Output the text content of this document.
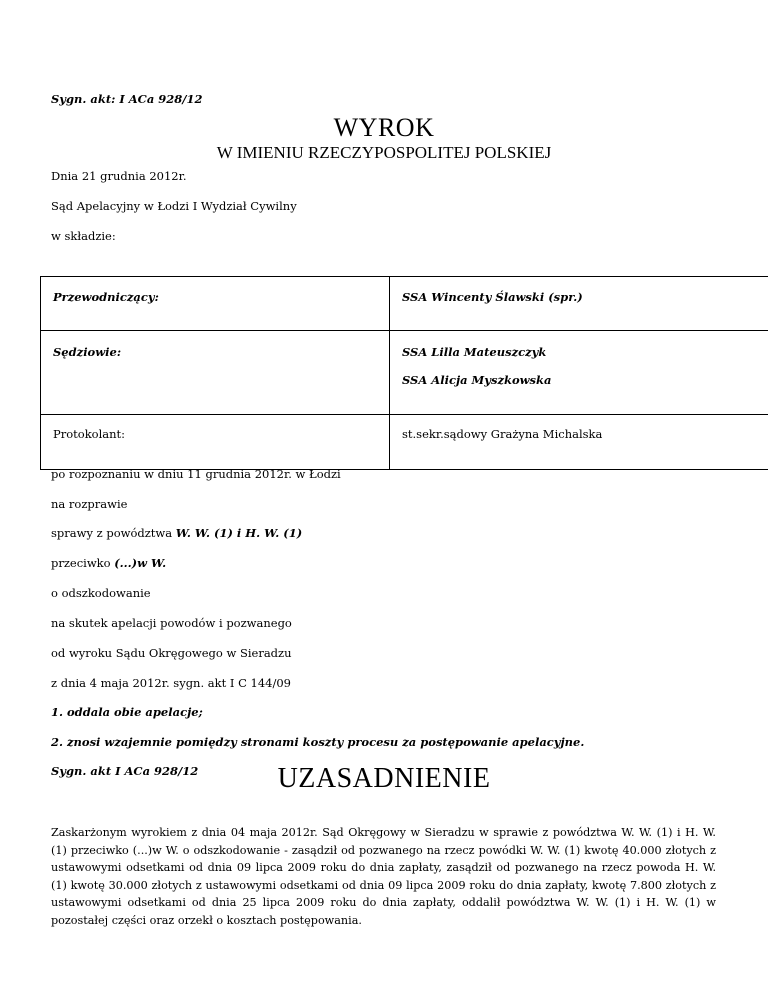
Sygn. akt: I ACa 928/12
WYROK
W IMIENIU RZECZYPOSPOLITEJ POLSKIEJ
Dnia 21 grudnia 2012r.
Sąd Apelacyjny w Łodzi I Wydział Cywilny
w składzie:
Przewodniczący:	SSA Wincenty Ślawski (spr.)
Sędziowie:	SSA Lilla Mateuszczyk
SSA Alicja Myszkowska

Protokolant:	st.sekr.sądowy Grażyna Michalska
po rozpoznaniu w dniu 11 grudnia 2012r. w Łodzi
na rozprawie
sprawy z powództwa W. W. (1) i H. W. (1)
przeciwko (...)w W.
o odszkodowanie
na skutek apelacji powodów i pozwanego
od wyroku Sądu Okręgowego w Sieradzu
z dnia 4 maja 2012r. sygn. akt I C 144/09
1. oddala obie apelacje;
2. znosi wzajemnie pomiędzy stronami koszty procesu za postępowanie apelacyjne.
Sygn. akt I ACa 928/12	UZASADNIENIE
Zaskarżonym wyrokiem z dnia 04 maja 2012r. Sąd Okręgowy w Sieradzu w sprawie z powództwa W. W. (1) i H. W. (1) przeciwko (...)w W. o odszkodowanie - zasądził od pozwanego na rzecz powódki W. W. (1) kwotę 40.000 złotych z ustawowymi odsetkami od dnia 09 lipca 2009 roku do dnia zapłaty, zasądził od pozwanego na rzecz powoda H. W. (1) kwotę 30.000 złotych z ustawowymi odsetkami od dnia 09 lipca 2009 roku do dnia zapłaty, kwotę 7.800 złotych z ustawowymi odsetkami od dnia 25 lipca 2009 roku do dnia zapłaty, oddalił powództwa W. W. (1) i H. W. (1) w pozostałej części oraz orzekł o kosztach postępowania.
